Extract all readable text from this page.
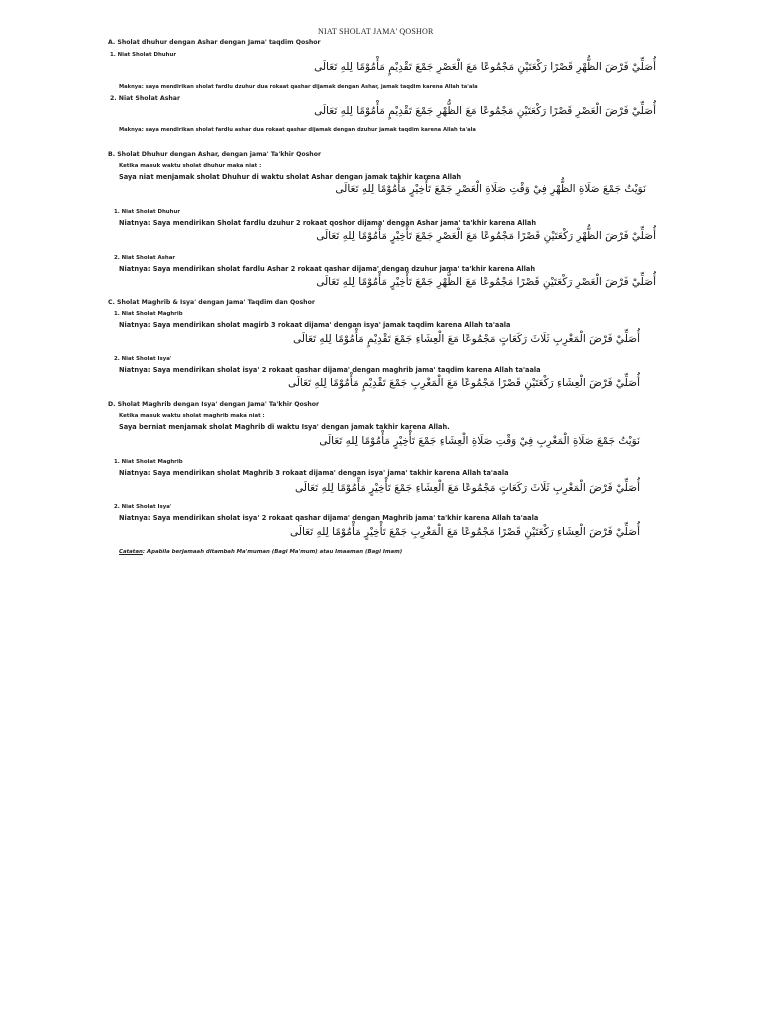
NIAT SHOLAT JAMA' QOSHOR
A. Sholat dhuhur dengan Ashar dengan Jama' taqdim Qoshor
1. Niat Sholat Dhuhur
أُصَلِّيْ فَرْضَ الظُّهْرِ قَصْرًا رَكْعَتَيْنِ مَجْمُوعًا مَعَ الْعَصْرِ جَمْعَ تَقْدِيْمٍ مَأْمُوْمًا لِلهِ تَعَالَى
Maknya: saya mendirikan sholat fardlu dzuhur dua rokaat qashar dijamak dengan Ashar, jamak taqdim karena Allah ta'ala
2. Niat Sholat Ashar
أُصَلِّيْ فَرْضَ الْعَصْرِ قَصْرًا رَكْعَتَيْنِ مَجْمُوعًا مَعَ الظُّهْرِ جَمْعَ تَقْدِيْمٍ مَأْمُوْمًا لِلهِ تَعَالَى
Maknya: saya mendirikan sholat fardlu ashar dua rokaat qashar dijamak dengan dzuhur jamak taqdim karena Allah ta'ala
B. Sholat Dhuhur dengan Ashar, dengan jama' Ta'khir Qoshor
Ketika masuk waktu sholat dhuhur maka niat :
Saya niat menjamak sholat Dhuhur di waktu sholat Ashar dengan jamak takhir karena Allah
نَوَيْتُ جَمْعَ صَلَاةِ الظُّهْرِ فِيْ وَقْتِ صَلَاةِ الْعَصْرِ جَمْعَ تَأْخِيْرٍ مَأْمُوْمًا لِلهِ تَعَالَى
1. Niat Sholat Dhuhur
Niatnya: Saya mendirikan Sholat fardlu dzuhur 2 rokaat qoshor dijama' dengan Ashar jama' ta'khir karena Allah
أُصَلِّيْ فَرْضَ الظُّهْرِ رَكْعَتَيْنِ قَصْرًا مَجْمُوعًا مَعَ الْعَصْرِ جَمْعَ تَأْخِيْرٍ مَأْمُوْمًا لِلهِ تَعَالَى
2. Niat Sholat Ashar
Niatnya: Saya mendirikan sholat fardlu Ashar 2 rokaat qashar dijama' dengan dzuhur jama' ta'khir karena Allah
أُصَلِّيْ فَرْضَ الْعَصْرِ رَكْعَتَيْنِ قَصْرًا مَجْمُوعًا مَعَ الظُّهْرِ جَمْعَ تَأْخِيْرٍ مَأْمُوْمًا لِلهِ تَعَالَى
C. Sholat Maghrib & Isya' dengan Jama' Taqdim dan Qoshor
1. Niat Sholat Maghrib
Niatnya: Saya mendirikan sholat magirb 3 rokaat dijama' dengan isya' jamak taqdim karena Allah ta'aala
أُصَلِّيْ فَرْضَ الْمَغْرِبِ ثَلَاثَ رَكَعَاتٍ مَجْمُوعًا مَعَ الْعِشَاءِ جَمْعَ تَقْدِيْمٍ مَأْمُوْمًا لِلهِ تَعَالَى
2. Niat Sholat Isya'
Niatnya: Saya mendirikan sholat isya' 2 rokaat qashar dijama' dengan maghrib jama' taqdim karena Allah ta'aala
أُصَلِّيْ فَرْضَ الْعِشَاءِ رَكْعَتَيْنِ قَصْرًا مَجْمُوعًا مَعَ الْمَغْرِبِ جَمْعَ تَقْدِيْمٍ مَأْمُوْمًا لِلهِ تَعَالَى
D. Sholat Maghrib dengan Isya' dengan Jama' Ta'khir Qoshor
Ketika masuk waktu sholat maghrib maka niat :
Saya berniat menjamak sholat Maghrib di waktu Isya' dengan jamak takhir karena Allah.
نَوَيْتُ جَمْعَ صَلَاةِ الْمَغْرِبِ فِيْ وَقْتِ صَلَاةِ الْعِشَاءِ جَمْعَ تَأْخِيْرٍ مَأْمُوْمًا لِلهِ تَعَالَى
1. Niat Sholat Maghrib
Niatnya: Saya mendirikan sholat Maghrib 3 rokaat dijama' dengan isya' jama' takhir karena Allah ta'aala
أُصَلِّيْ فَرْضَ الْمَغْرِبِ ثَلَاثَ رَكَعَاتٍ مَجْمُوعًا مَعَ الْعِشَاءِ جَمْعَ تَأْخِيْرٍ مَأْمُوْمًا لِلهِ تَعَالَى
2. Niat Sholat Isya'
Niatnya: Saya mendirikan sholat isya' 2 rokaat qashar dijama' dengan Maghrib jama' ta'khir karena Allah ta'aala
أُصَلِّيْ فَرْضَ الْعِشَاءِ رَكْعَتَيْنِ قَصْرًا مَجْمُوعًا مَعَ الْمَغْرِبِ جَمْعَ تَأْخِيْرٍ مَأْمُوْمًا لِلهِ تَعَالَى
Catatan: Apabila berjamaah ditambah Ma'muman (Bagi Ma'mum) atau Imaaman (Bagi Imam)
